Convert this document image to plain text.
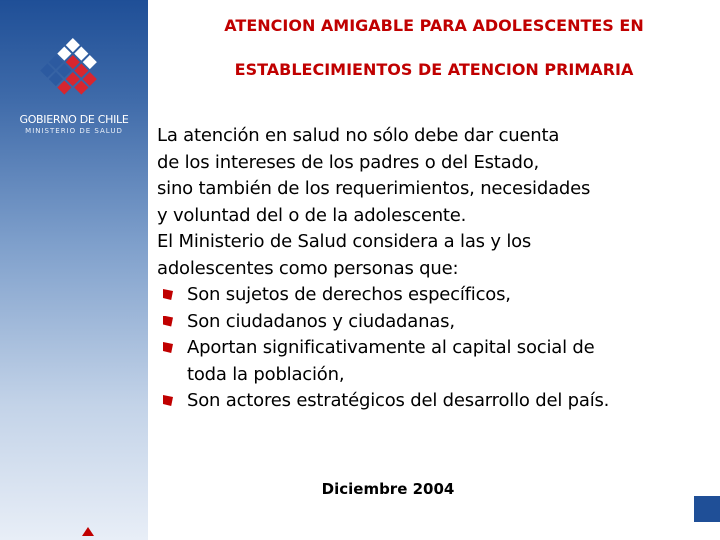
GOBIERNO DE CHILE
MINISTERIO DE SALUD
ATENCION AMIGABLE PARA ADOLESCENTES EN
ESTABLECIMIENTOS DE ATENCION PRIMARIA
La atención en salud no sólo debe dar cuenta
de los intereses de los padres o del Estado,
sino también de los requerimientos, necesidades
y voluntad del o de la adolescente.
El Ministerio de Salud considera a las y los
adolescentes como personas que:
Son sujetos de derechos específicos,
Son ciudadanos y ciudadanas,
Aportan significativamente al capital social de
toda la población,
Son actores estratégicos del desarrollo del país.
Diciembre 2004
